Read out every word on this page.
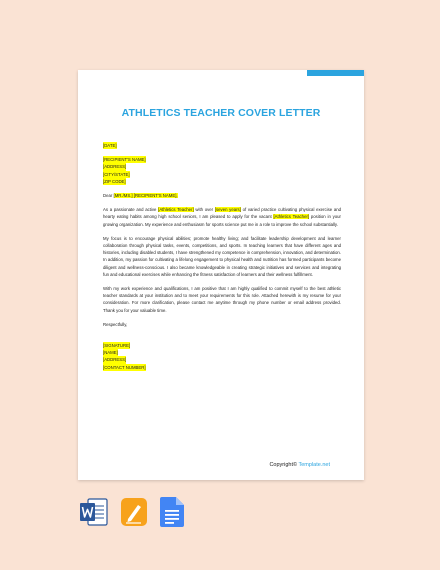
ATHLETICS TEACHER COVER LETTER
[DATE]
[RECIPIENT'S NAME]
[ADDRESS]
[CITY/STATE]
[ZIP CODE]

Dear [MR./MS.] [RECIPIENT'S NAME],

As a passionate and active [Athletics Teacher] with over [seven years] of varied practice cultivating physical exercise and hearty eating habits among high school seniors, I am pleased to apply for the vacant [Athletics Teacher] position in your growing organization. My experience and enthusiasm for sports science put me in a role to improve the school substantially.

My focus is to encourage physical abilities; promote healthy living; and facilitate leadership development and learner collaboration through physical tasks, events, competitions, and sports. In teaching learners that have different ages and histories, including disabled students, I have strengthened my competence in comprehension, innovation, and determination. In addition, my passion for cultivating a lifelong engagement to physical health and nutrition has formed participants become diligent and wellness-conscious. I also became knowledgeable in creating strategic initiatives and services and integrating fun and educational exercises while enhancing the fitness satisfaction of learners and their wellness fulfillment.

With my work experience and qualifications, I am positive that I am highly qualified to commit myself to the best athletic teacher standards at your institution and to meet your requirements for this role. Attached herewith is my resume for your consideration. For more clarification, please contact me anytime through my phone number or email address provided. Thank you for your valuable time.

Respectfully,

[SIGNATURE]
[NAME]
[ADDRESS]
[CONTACT NUMBER]
Copyright© Template.net
